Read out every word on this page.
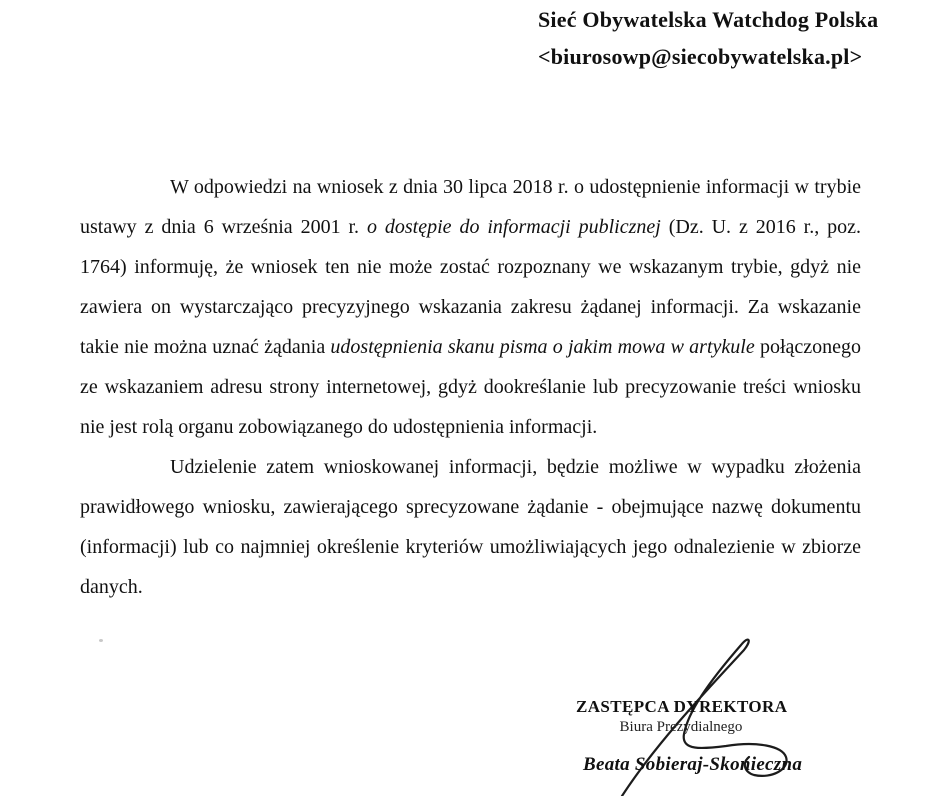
Sieć Obywatelska Watchdog Polska
<biurosowp@siecobywatelska.pl>

W odpowiedzi na wniosek z dnia 30 lipca 2018 r. o udostępnienie informacji w trybie ustawy z dnia 6 września 2001 r. o dostępie do informacji publicznej (Dz. U. z 2016 r., poz. 1764) informuję, że wniosek ten nie może zostać rozpoznany we wskazanym trybie, gdyż nie zawiera on wystarczająco precyzyjnego wskazania zakresu żądanej informacji. Za wskazanie takie nie można uznać żądania udostępnienia skanu pisma o jakim mowa w artykule połączonego ze wskazaniem adresu strony internetowej, gdyż dookreślanie lub precyzowanie treści wniosku nie jest rolą organu zobowiązanego do udostępnienia informacji.

Udzielenie zatem wnioskowanej informacji, będzie możliwe w wypadku złożenia prawidłowego wniosku, zawierającego sprecyzowane żądanie - obejmujące nazwę dokumentu (informacji) lub co najmniej określenie kryteriów umożliwiających jego odnalezienie w zbiorze danych.

ZASTĘPCA DYREKTORA
Biura Prezydialnego
Beata Sobieraj-Skonieczna
